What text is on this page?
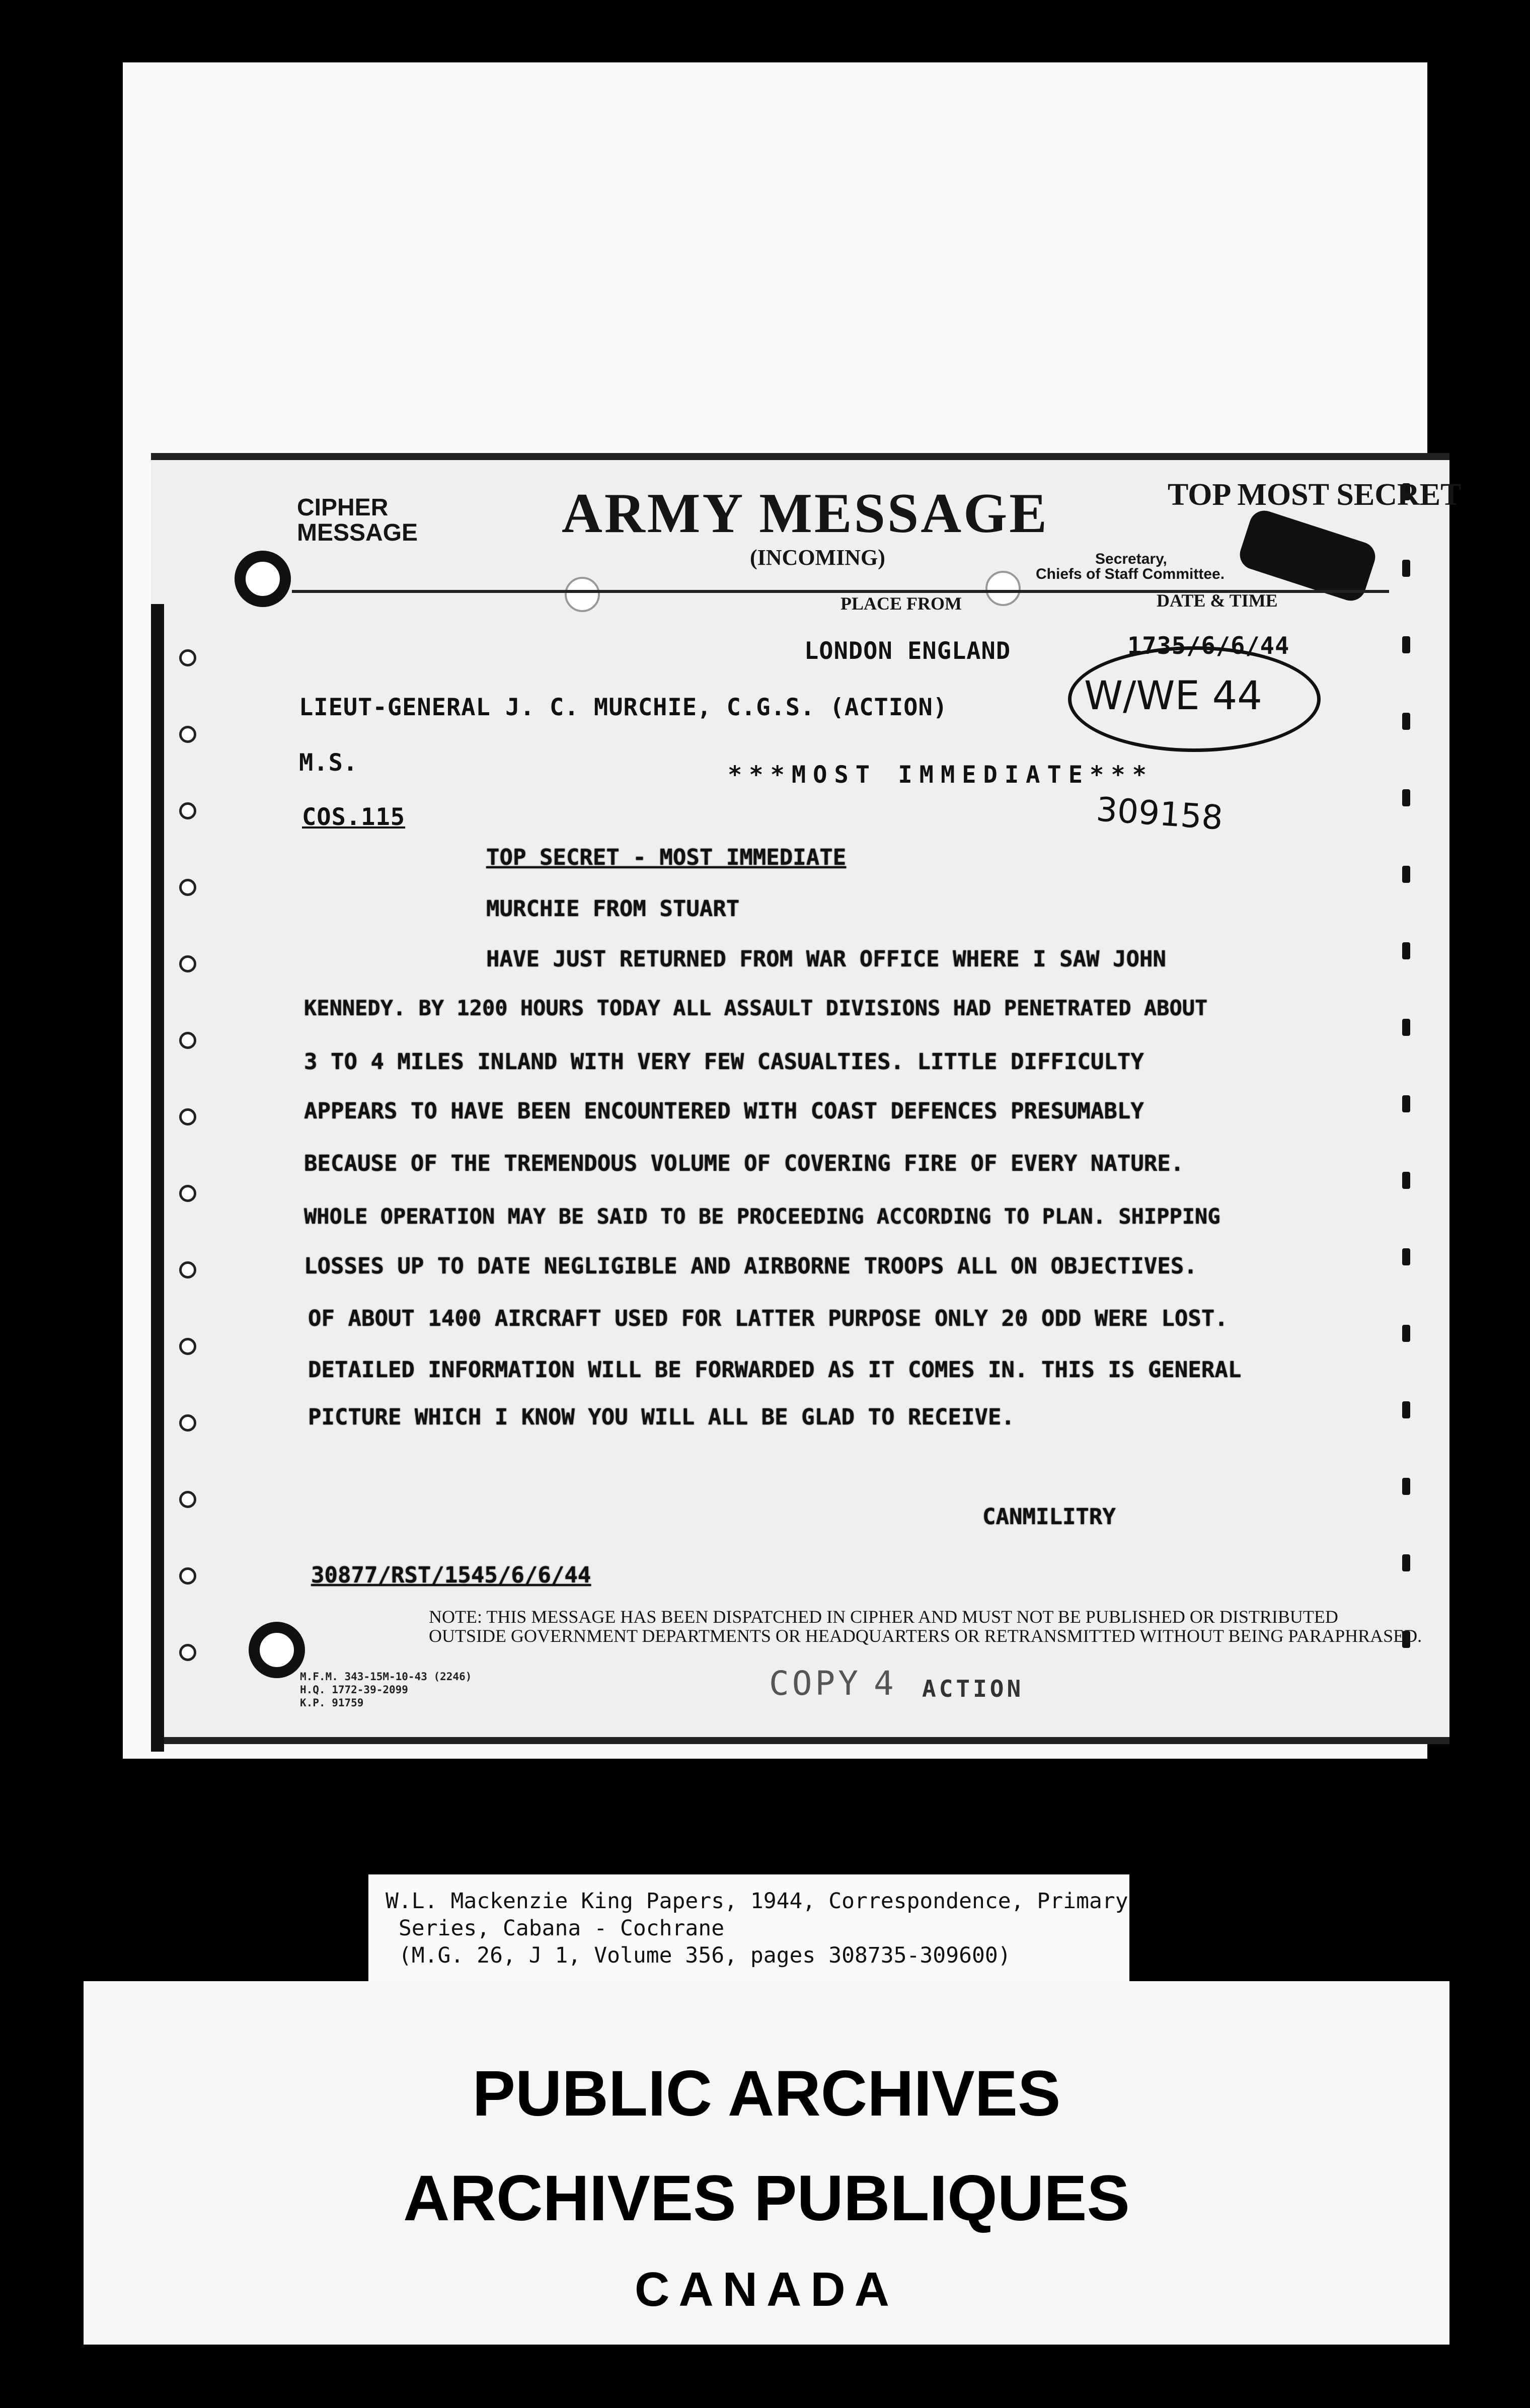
CIPHER
MESSAGE	ARMY MESSAGE
(INCOMING)
TOP MOST SECRET
Secretary,
Chiefs of Staff Committee.
PLACE FROM	DATE & TIME
LONDON ENGLAND	1735/6/6/44
W/WE 44
LIEUT-GENERAL J. C. MURCHIE, C.G.S. (ACTION)
M.S.	***MOST IMMEDIATE***
COS.115	309158
TOP SECRET - MOST IMMEDIATE
MURCHIE FROM STUART
HAVE JUST RETURNED FROM WAR OFFICE WHERE I SAW JOHN
KENNEDY. BY 1200 HOURS TODAY ALL ASSAULT DIVISIONS HAD PENETRATED ABOUT
3 TO 4 MILES INLAND WITH VERY FEW CASUALTIES. LITTLE DIFFICULTY
APPEARS TO HAVE BEEN ENCOUNTERED WITH COAST DEFENCES PRESUMABLY
BECAUSE OF THE TREMENDOUS VOLUME OF COVERING FIRE OF EVERY NATURE.
WHOLE OPERATION MAY BE SAID TO BE PROCEEDING ACCORDING TO PLAN. SHIPPING
LOSSES UP TO DATE NEGLIGIBLE AND AIRBORNE TROOPS ALL ON OBJECTIVES.
OF ABOUT 1400 AIRCRAFT USED FOR LATTER PURPOSE ONLY 20 ODD WERE LOST.
DETAILED INFORMATION WILL BE FORWARDED AS IT COMES IN. THIS IS GENERAL
PICTURE WHICH I KNOW YOU WILL ALL BE GLAD TO RECEIVE.
CANMILITRY
30877/RST/1545/6/6/44
NOTE: THIS MESSAGE HAS BEEN DISPATCHED IN CIPHER AND MUST NOT BE PUBLISHED OR DISTRIBUTED
OUTSIDE GOVERNMENT DEPARTMENTS OR HEADQUARTERS OR RETRANSMITTED WITHOUT BEING PARAPHRASED.
M.F.M. 343-15M-10-43 (2246)
H.Q. 1772-39-2099
K.P. 91759	COPY 4 ACTION
W.L. Mackenzie King Papers, 1944, Correspondence, Primary
Series, Cabana - Cochrane
(M.G. 26, J 1, Volume 356, pages 308735-309600)
PUBLIC ARCHIVES
ARCHIVES PUBLIQUES
CANADA
